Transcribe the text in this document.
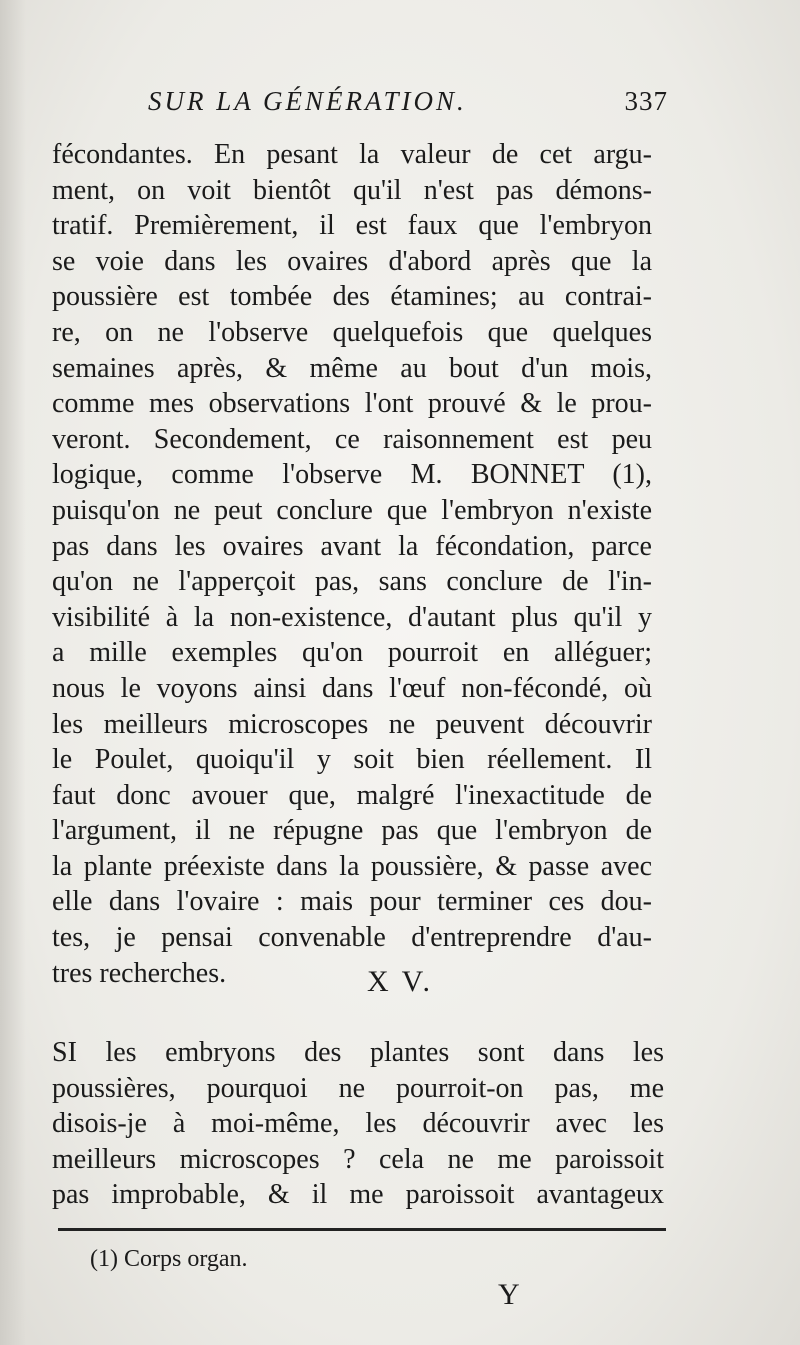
SUR LA GÉNÉRATION.	337
fécondantes. En pesant la valeur de cet argu-
ment, on voit bientôt qu'il n'est pas démons-
tratif. Premièrement, il est faux que l'embryon
se voie dans les ovaires d'abord après que la
poussière est tombée des étamines; au contrai-
re, on ne l'observe quelquefois que quelques
semaines après, & même au bout d'un mois,
comme mes observations l'ont prouvé & le prou-
veront. Secondement, ce raisonnement est peu
logique, comme l'observe M. BONNET (1),
puisqu'on ne peut conclure que l'embryon n'existe
pas dans les ovaires avant la fécondation, parce
qu'on ne l'apperçoit pas, sans conclure de l'in-
visibilité à la non-existence, d'autant plus qu'il y
a mille exemples qu'on pourroit en alléguer;
nous le voyons ainsi dans l'œuf non-fécondé, où
les meilleurs microscopes ne peuvent découvrir
le Poulet, quoiqu'il y soit bien réellement. Il
faut donc avouer que, malgré l'inexactitude de
l'argument, il ne répugne pas que l'embryon de
la plante préexiste dans la poussière, & passe avec
elle dans l'ovaire : mais pour terminer ces dou-
tes, je pensai convenable d'entreprendre d'au-
tres recherches.	X V.
SI les embryons des plantes sont dans les
poussières, pourquoi ne pourroit-on pas, me
disois-je à moi-même, les découvrir avec les
meilleurs microscopes ? cela ne me paroissoit
pas improbable, & il me paroissoit avantageux
(1) Corps organ.
Y
